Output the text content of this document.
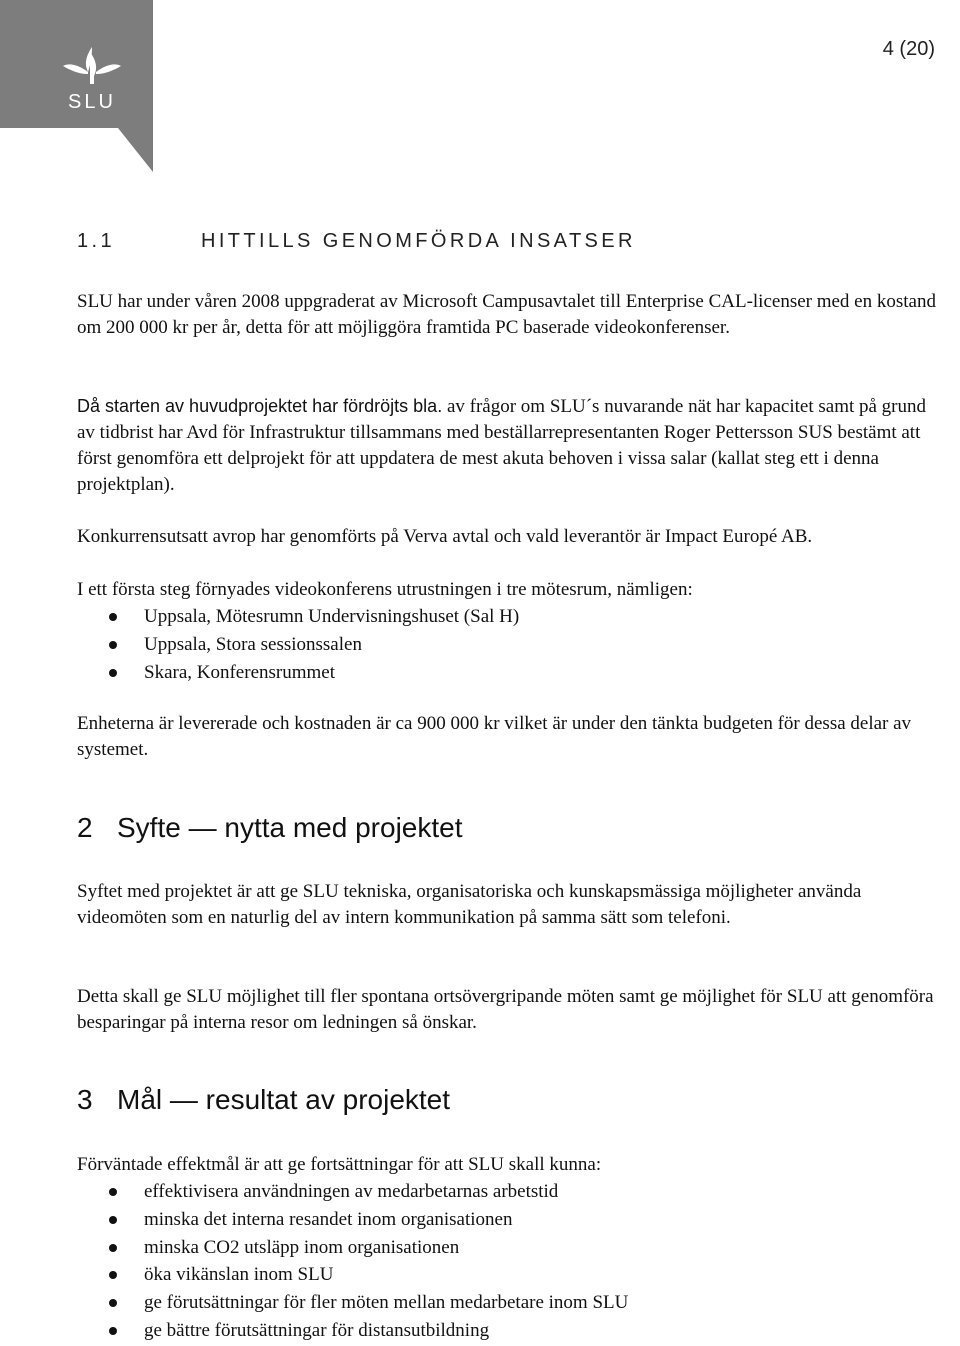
SLU
4 (20)
1.1	HITTILLS GENOMFÖRDA INSATSER

SLU har under våren 2008 uppgraderat av Microsoft Campusavtalet till Enterprise CAL-licenser med en kostand om 200 000 kr per år, detta för att möjliggöra framtida PC baserade videokonferenser.

Då starten av huvudprojektet har fördröjts bla. av frågor om SLU´s nuvarande nät har kapacitet samt på grund av tidbrist har Avd för Infrastruktur tillsammans med beställarrepresentanten Roger Pettersson SUS bestämt att först genomföra ett delprojekt för att uppdatera de mest akuta behoven i vissa salar (kallat steg ett i denna projektplan).

Konkurrensutsatt avrop har genomförts på Verva avtal och vald leverantör är Impact Europé AB.

I ett första steg förnyades videokonferens utrustningen i tre mötesrum, nämligen:

Uppsala, Mötesrumn Undervisningshuset (Sal H)
Uppsala, Stora sessionssalen
Skara, Konferensrummet

Enheterna är levererade och kostnaden är ca 900 000 kr vilket är under den tänkta budgeten för dessa delar av systemet.

2 Syfte — nytta med projektet

Syftet med projektet är att ge SLU tekniska, organisatoriska och kunskapsmässiga möjligheter använda videomöten som en naturlig del av intern kommunikation på samma sätt som telefoni.

Detta skall ge SLU möjlighet till fler spontana ortsövergripande möten samt ge möjlighet för SLU att genomföra besparingar på interna resor om ledningen så önskar.

3 Mål — resultat av projektet

Förväntade effektmål är att ge fortsättningar för att SLU skall kunna:

effektivisera användningen av medarbetarnas arbetstid
minska det interna resandet inom organisationen
minska CO2 utsläpp inom organisationen
öka vikänslan inom SLU
ge förutsättningar för fler möten mellan medarbetare inom SLU
ge bättre förutsättningar för distansutbildning
